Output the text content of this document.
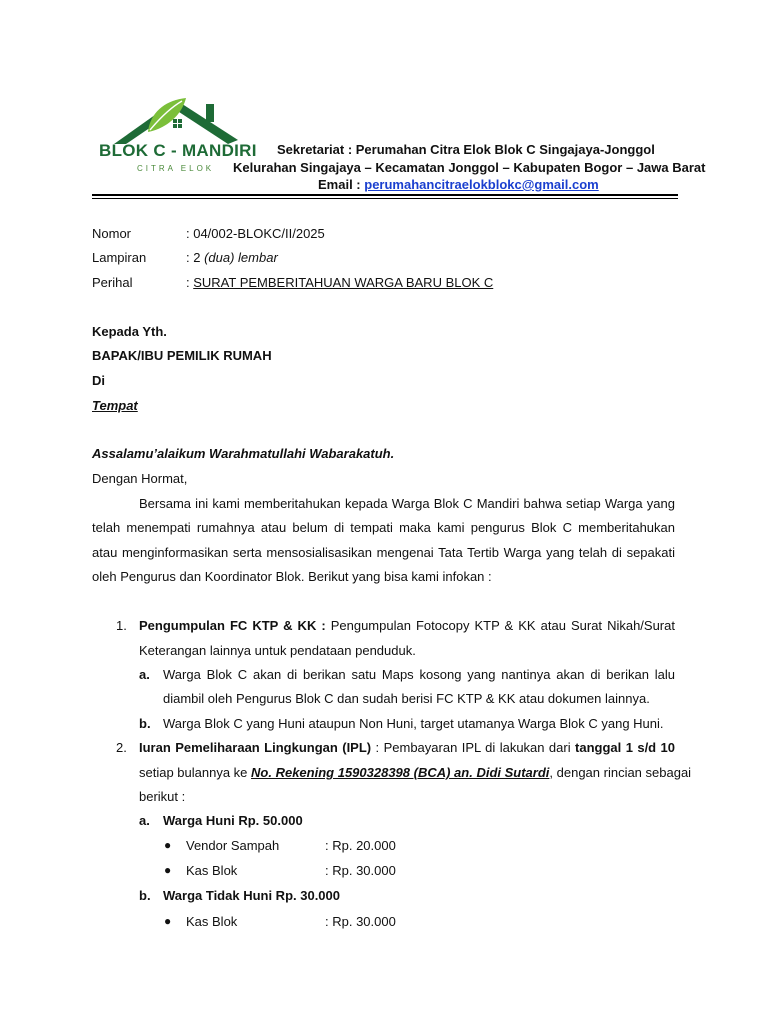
BLOK C - MANDIRI
CITRA ELOK
Sekretariat : Perumahan Citra Elok Blok C Singajaya-Jonggol
Kelurahan Singajaya – Kecamatan Jonggol – Kabupaten Bogor – Jawa Barat
Email : perumahancitraelokblokc@gmail.com
Nomor	: 04/002-BLOKC/II/2025
Lampiran	: 2 (dua) lembar
Perihal	: SURAT PEMBERITAHUAN WARGA BARU BLOK C
Kepada Yth.
BAPAK/IBU PEMILIK RUMAH
Di
Tempat
Assalamu’alaikum Warahmatullahi Wabarakatuh.
Dengan Hormat,
Bersama ini kami memberitahukan kepada Warga Blok C Mandiri bahwa setiap Warga yang
telah menempati rumahnya atau belum di tempati maka kami pengurus Blok C memberitahukan
atau menginformasikan serta mensosialisasikan mengenai Tata Tertib Warga yang telah di sepakati
oleh Pengurus dan Koordinator Blok. Berikut yang bisa kami infokan :
1. Pengumpulan FC KTP & KK : Pengumpulan Fotocopy KTP & KK atau Surat Nikah/Surat
Keterangan lainnya untuk pendataan penduduk.
a. Warga Blok C akan di berikan satu Maps kosong yang nantinya akan di berikan lalu
diambil oleh Pengurus Blok C dan sudah berisi FC KTP & KK atau dokumen lainnya.
b. Warga Blok C yang Huni ataupun Non Huni, target utamanya Warga Blok C yang Huni.
2. Iuran Pemeliharaan Lingkungan (IPL) : Pembayaran IPL di lakukan dari tanggal 1 s/d 10
setiap bulannya ke No. Rekening 1590328398 (BCA) an. Didi Sutardi, dengan rincian sebagai
berikut :
a. Warga Huni Rp. 50.000
● Vendor Sampah	: Rp. 20.000
● Kas Blok	: Rp. 30.000
b. Warga Tidak Huni Rp. 30.000
● Kas Blok	: Rp. 30.000
